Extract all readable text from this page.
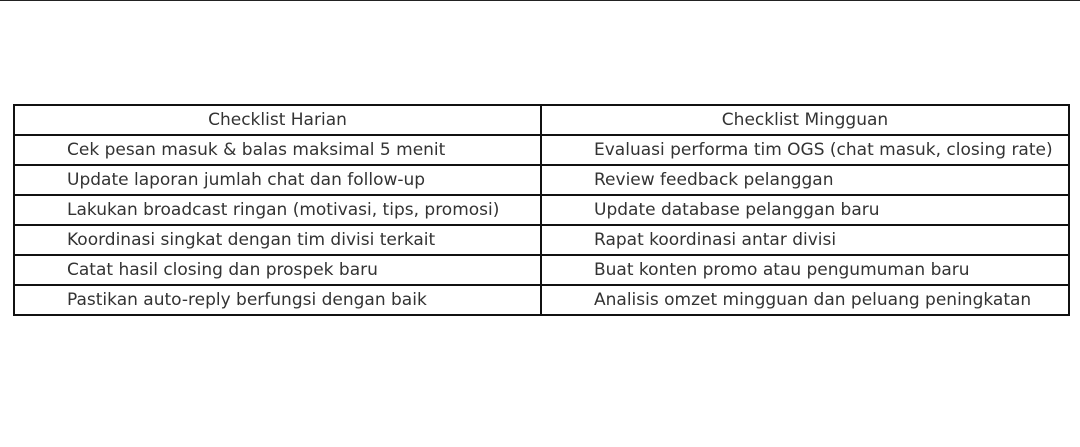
Checklist Harian	Checklist Mingguan
Cek pesan masuk & balas maksimal 5 menit	Evaluasi performa tim OGS (chat masuk, closing rate)
Update laporan jumlah chat dan follow-up	Review feedback pelanggan
Lakukan broadcast ringan (motivasi, tips, promosi)	Update database pelanggan baru
Koordinasi singkat dengan tim divisi terkait	Rapat koordinasi antar divisi
Catat hasil closing dan prospek baru	Buat konten promo atau pengumuman baru
Pastikan auto-reply berfungsi dengan baik	Analisis omzet mingguan dan peluang peningkatan
